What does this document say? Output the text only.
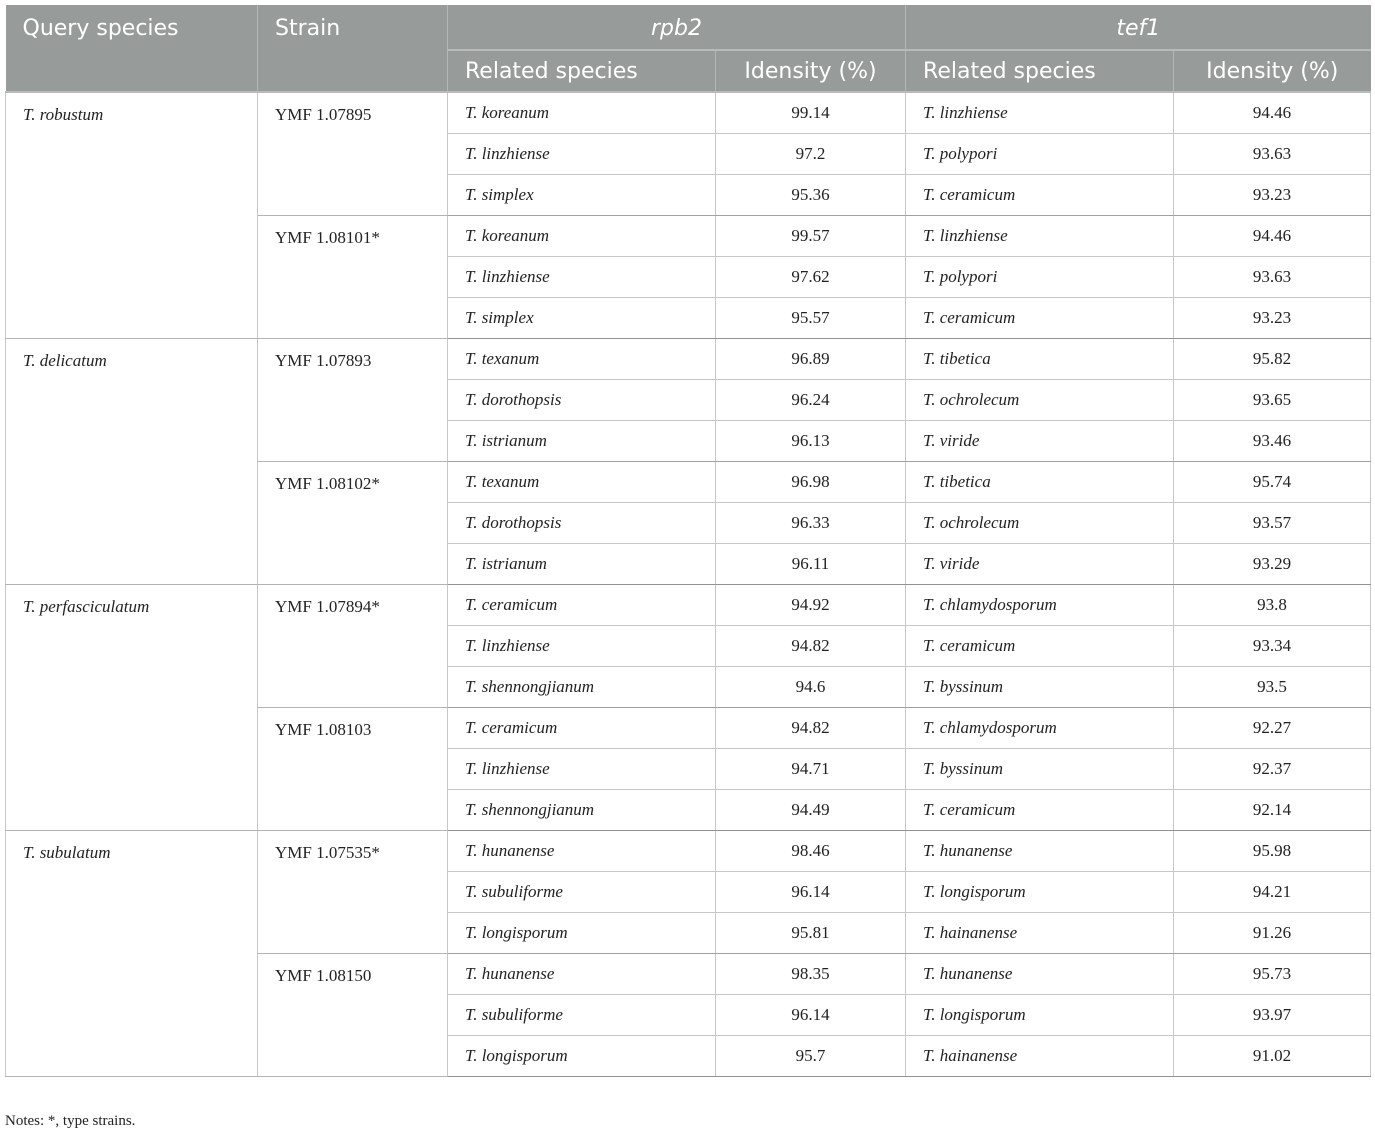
Query species	Strain	rpb2		tef1	
		Related species	Idensity (%)	Related species	Idensity (%)
T. robustum	YMF 1.07895	T. koreanum	99.14	T. linzhiense	94.46
		T. linzhiense	97.2	T. polypori	93.63
		T. simplex	95.36	T. ceramicum	93.23
	YMF 1.08101*	T. koreanum	99.57	T. linzhiense	94.46
		T. linzhiense	97.62	T. polypori	93.63
		T. simplex	95.57	T. ceramicum	93.23
T. delicatum	YMF 1.07893	T. texanum	96.89	T. tibetica	95.82
		T. dorothopsis	96.24	T. ochrolecum	93.65
		T. istrianum	96.13	T. viride	93.46
	YMF 1.08102*	T. texanum	96.98	T. tibetica	95.74
		T. dorothopsis	96.33	T. ochrolecum	93.57
		T. istrianum	96.11	T. viride	93.29
T. perfasciculatum	YMF 1.07894*	T. ceramicum	94.92	T. chlamydosporum	93.8
		T. linzhiense	94.82	T. ceramicum	93.34
		T. shennongjianum	94.6	T. byssinum	93.5
	YMF 1.08103	T. ceramicum	94.82	T. chlamydosporum	92.27
		T. linzhiense	94.71	T. byssinum	92.37
		T. shennongjianum	94.49	T. ceramicum	92.14
T. subulatum	YMF 1.07535*	T. hunanense	98.46	T. hunanense	95.98
		T. subuliforme	96.14	T. longisporum	94.21
		T. longisporum	95.81	T. hainanense	91.26
	YMF 1.08150	T. hunanense	98.35	T. hunanense	95.73
		T. subuliforme	96.14	T. longisporum	93.97
		T. longisporum	95.7	T. hainanense	91.02
Notes: *, type strains.
